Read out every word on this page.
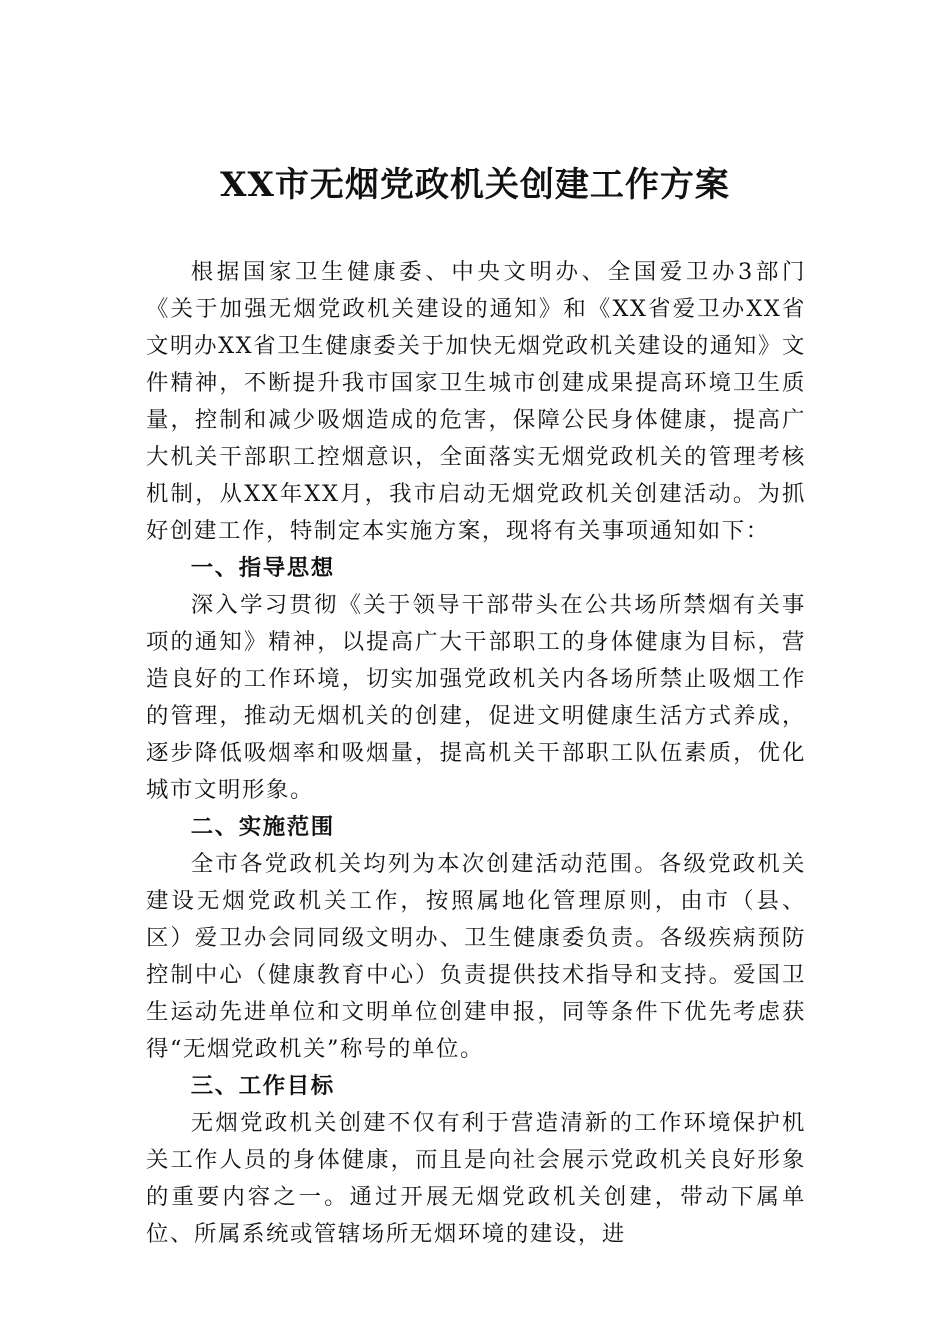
XX市无烟党政机关创建工作方案

根据国家卫生健康委、中央文明办、全国爱卫办3部门《关于加强无烟党政机关建设的通知》和《XX省爱卫办XX省文明办XX省卫生健康委关于加快无烟党政机关建设的通知》文件精神，不断提升我市国家卫生城市创建成果提高环境卫生质量，控制和减少吸烟造成的危害，保障公民身体健康，提高广大机关干部职工控烟意识，全面落实无烟党政机关的管理考核机制，从XX年XX月，我市启动无烟党政机关创建活动。为抓好创建工作，特制定本实施方案，现将有关事项通知如下：

一、指导思想

深入学习贯彻《关于领导干部带头在公共场所禁烟有关事项的通知》精神，以提高广大干部职工的身体健康为目标，营造良好的工作环境，切实加强党政机关内各场所禁止吸烟工作的管理，推动无烟机关的创建，促进文明健康生活方式养成，逐步降低吸烟率和吸烟量，提高机关干部职工队伍素质，优化城市文明形象。

二、实施范围

全市各党政机关均列为本次创建活动范围。各级党政机关建设无烟党政机关工作，按照属地化管理原则，由市（县、区）爱卫办会同同级文明办、卫生健康委负责。各级疾病预防控制中心（健康教育中心）负责提供技术指导和支持。爱国卫生运动先进单位和文明单位创建申报，同等条件下优先考虑获得“无烟党政机关”称号的单位。

三、工作目标

无烟党政机关创建不仅有利于营造清新的工作环境保护机关工作人员的身体健康，而且是向社会展示党政机关良好形象的重要内容之一。通过开展无烟党政机关创建，带动下属单位、所属系统或管辖场所无烟环境的建设，进
